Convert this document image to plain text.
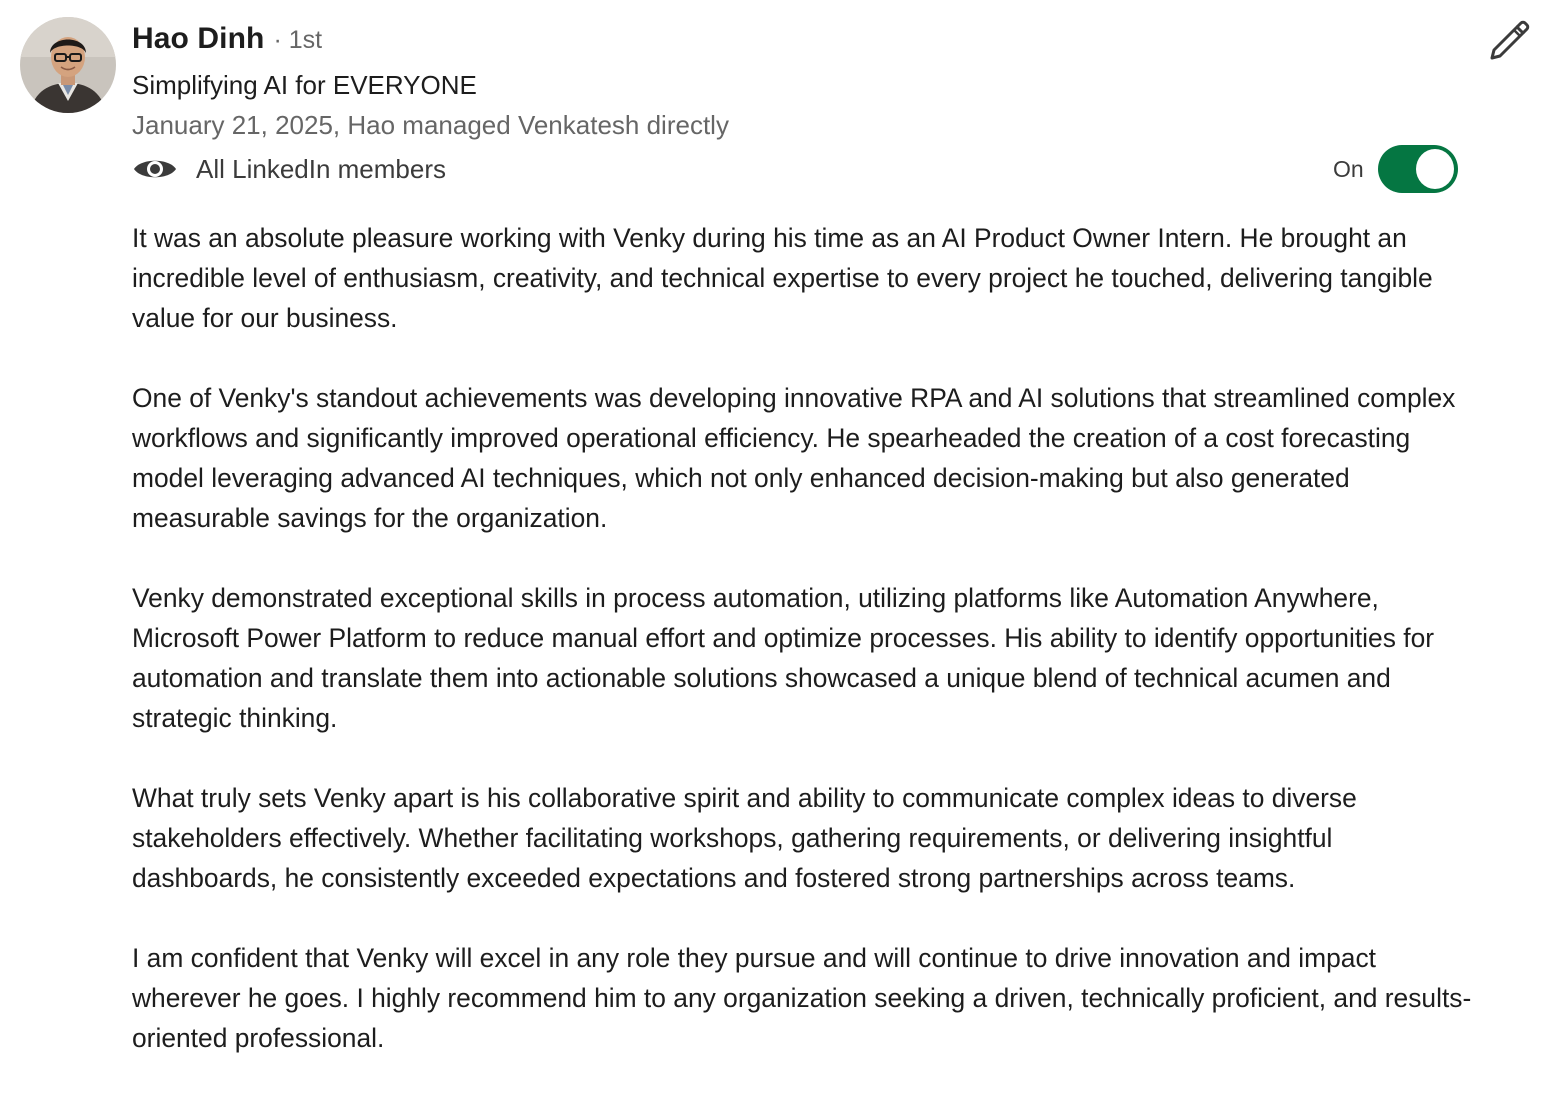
Hao Dinh · 1st
Simplifying AI for EVERYONE
January 21, 2025, Hao managed Venkatesh directly
All LinkedIn members	On

It was an absolute pleasure working with Venky during his time as an AI Product Owner Intern. He brought an incredible level of enthusiasm, creativity, and technical expertise to every project he touched, delivering tangible value for our business.

One of Venky's standout achievements was developing innovative RPA and AI solutions that streamlined complex workflows and significantly improved operational efficiency. He spearheaded the creation of a cost forecasting model leveraging advanced AI techniques, which not only enhanced decision-making but also generated measurable savings for the organization.

Venky demonstrated exceptional skills in process automation, utilizing platforms like Automation Anywhere, Microsoft Power Platform to reduce manual effort and optimize processes. His ability to identify opportunities for automation and translate them into actionable solutions showcased a unique blend of technical acumen and strategic thinking.

What truly sets Venky apart is his collaborative spirit and ability to communicate complex ideas to diverse stakeholders effectively. Whether facilitating workshops, gathering requirements, or delivering insightful dashboards, he consistently exceeded expectations and fostered strong partnerships across teams.

I am confident that Venky will excel in any role they pursue and will continue to drive innovation and impact wherever he goes. I highly recommend him to any organization seeking a driven, technically proficient, and results-oriented professional.
